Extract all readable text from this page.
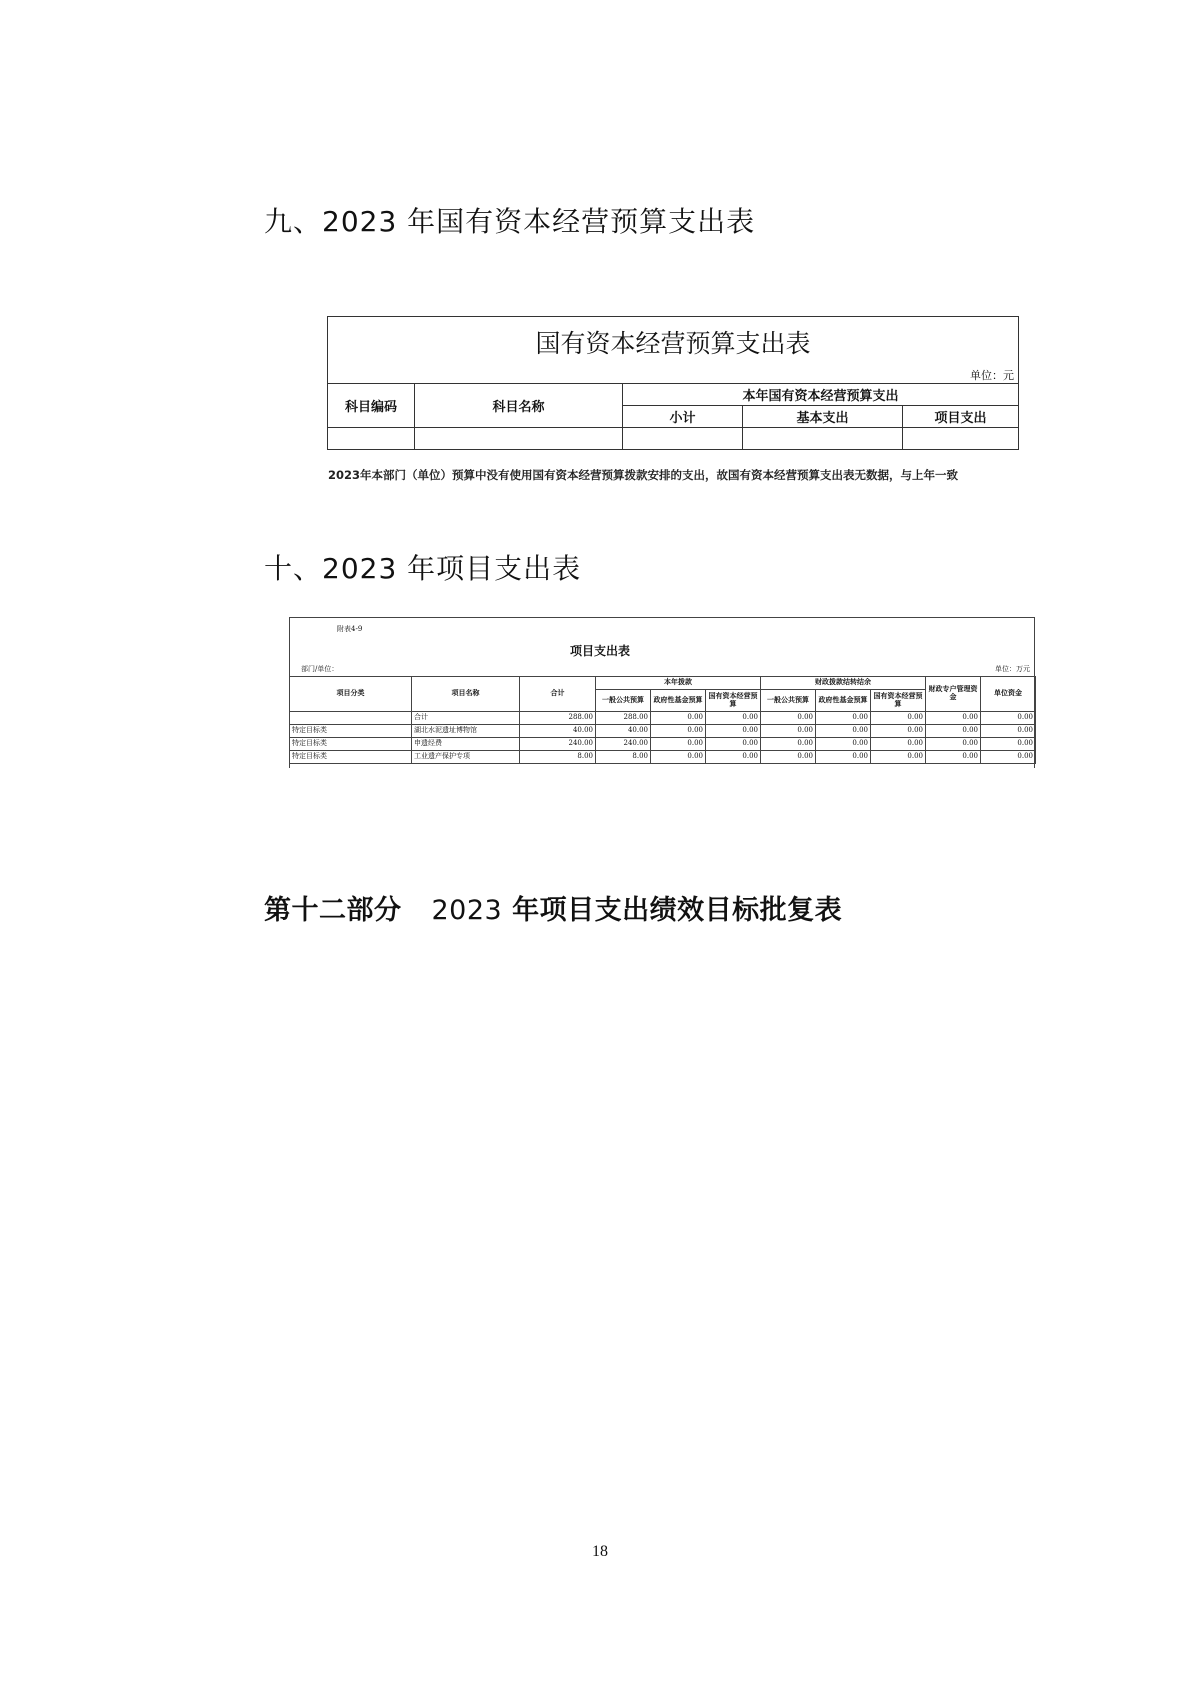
九、2023 年国有资本经营预算支出表
国有资本经营预算支出表				
单位：元				
科目编码	科目名称	本年国有资本经营预算支出		
		小计	基本支出	项目支出

2023年本部门（单位）预算中没有使用国有资本经营预算拨款安排的支出，故国有资本经营预算支出表无数据，与上年一致
十、2023 年项目支出表
附表4-9
项目支出表
部门/单位：	单位：万元
项目分类	项目名称	合计	本年拨款			财政拨款结转结余			财政专户管理资金	单位资金
			一般公共预算	政府性基金预算	国有资本经营预算	一般公共预算	政府性基金预算	国有资本经营预算		
	合计	288.00	288.00	0.00	0.00	0.00	0.00	0.00	0.00	0.00
特定目标类	湖北水泥遗址博物馆	40.00	40.00	0.00	0.00	0.00	0.00	0.00	0.00	0.00
特定目标类	申遗经费	240.00	240.00	0.00	0.00	0.00	0.00	0.00	0.00	0.00
特定目标类	工业遗产保护专项	8.00	8.00	0.00	0.00	0.00	0.00	0.00	0.00	0.00
第十二部分 2023 年项目支出绩效目标批复表
18
